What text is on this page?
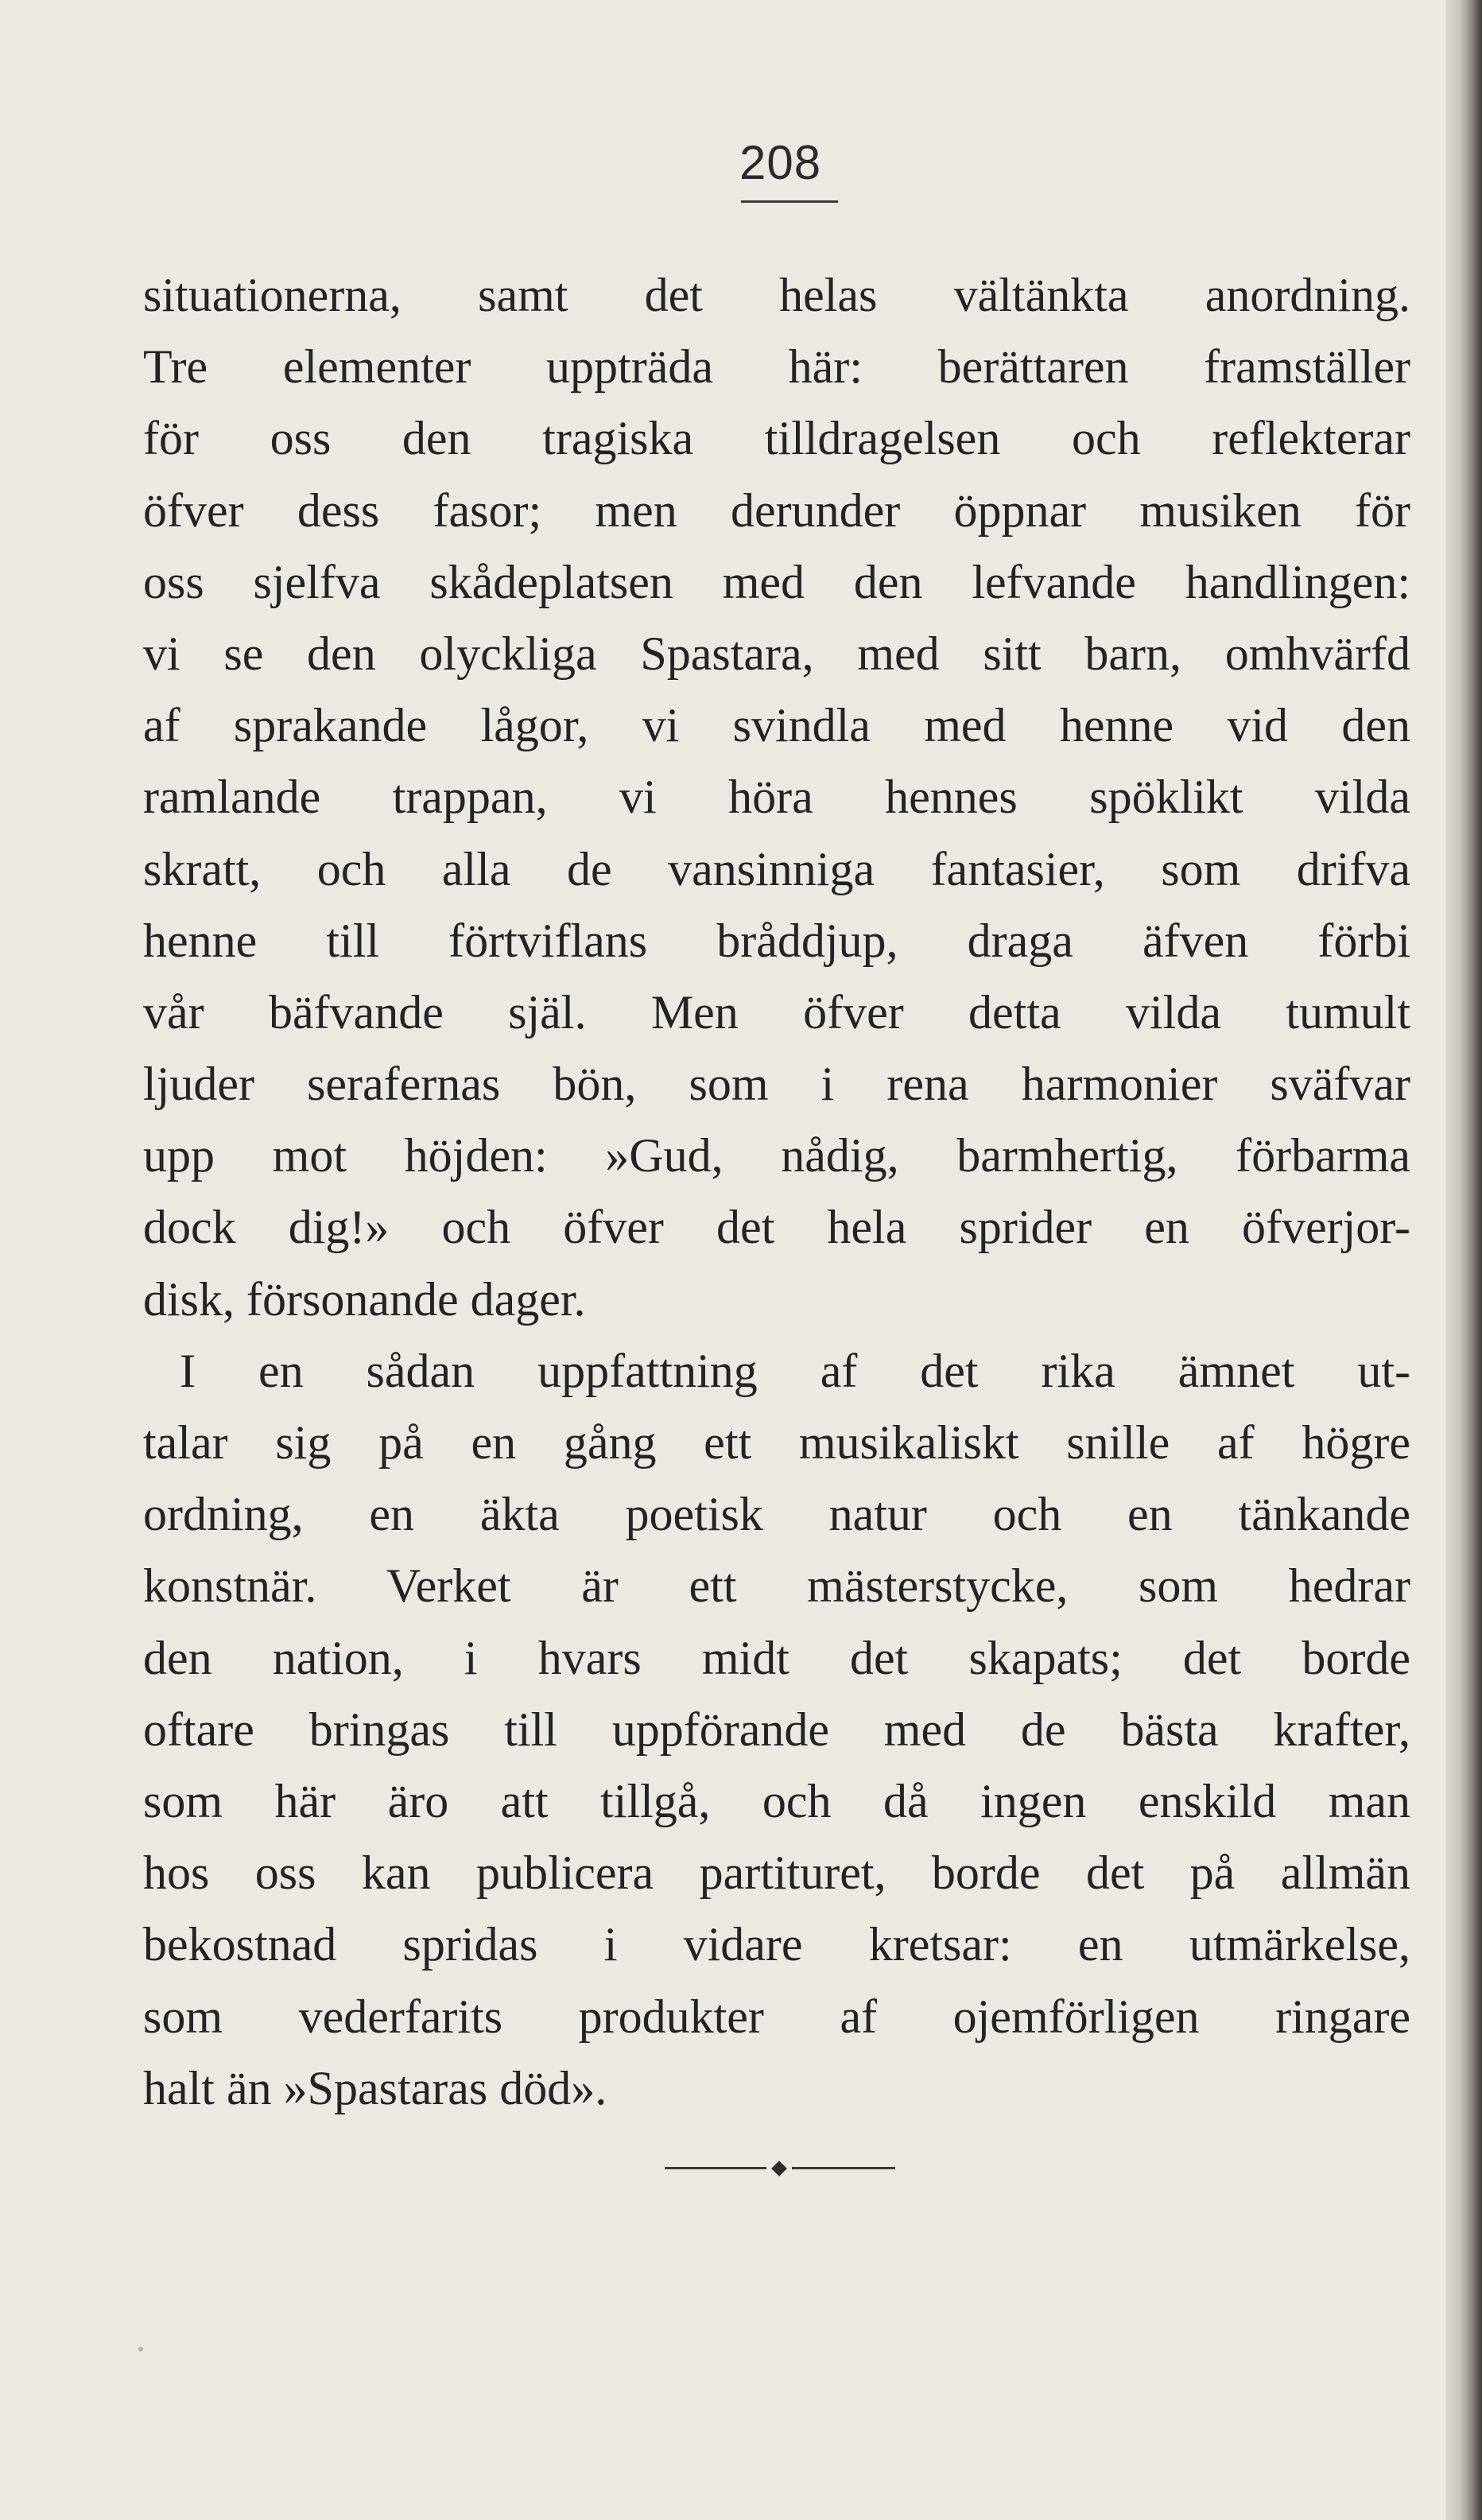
208
situationerna, samt det helas vältänkta anordning.
Tre elementer uppträda här: berättaren framställer
för oss den tragiska tilldragelsen och reflekterar
öfver dess fasor; men derunder öppnar musiken för
oss sjelfva skådeplatsen med den lefvande handlingen:
vi se den olyckliga Spastara, med sitt barn, omhvärfd
af sprakande lågor, vi svindla med henne vid den
ramlande trappan, vi höra hennes spöklikt vilda
skratt, och alla de vansinniga fantasier, som drifva
henne till förtviflans bråddjup, draga äfven förbi
vår bäfvande själ. Men öfver detta vilda tumult
ljuder serafernas bön, som i rena harmonier sväfvar
upp mot höjden: »Gud, nådig, barmhertig, förbarma
dock dig!» och öfver det hela sprider en öfverjor-
disk, försonande dager.
I en sådan uppfattning af det rika ämnet ut-
talar sig på en gång ett musikaliskt snille af högre
ordning, en äkta poetisk natur och en tänkande
konstnär. Verket är ett mästerstycke, som hedrar
den nation, i hvars midt det skapats; det borde
oftare bringas till uppförande med de bästa krafter,
som här äro att tillgå, och då ingen enskild man
hos oss kan publicera partituret, borde det på allmän
bekostnad spridas i vidare kretsar: en utmärkelse,
som vederfarits produkter af ojemförligen ringare
halt än »Spastaras död».
